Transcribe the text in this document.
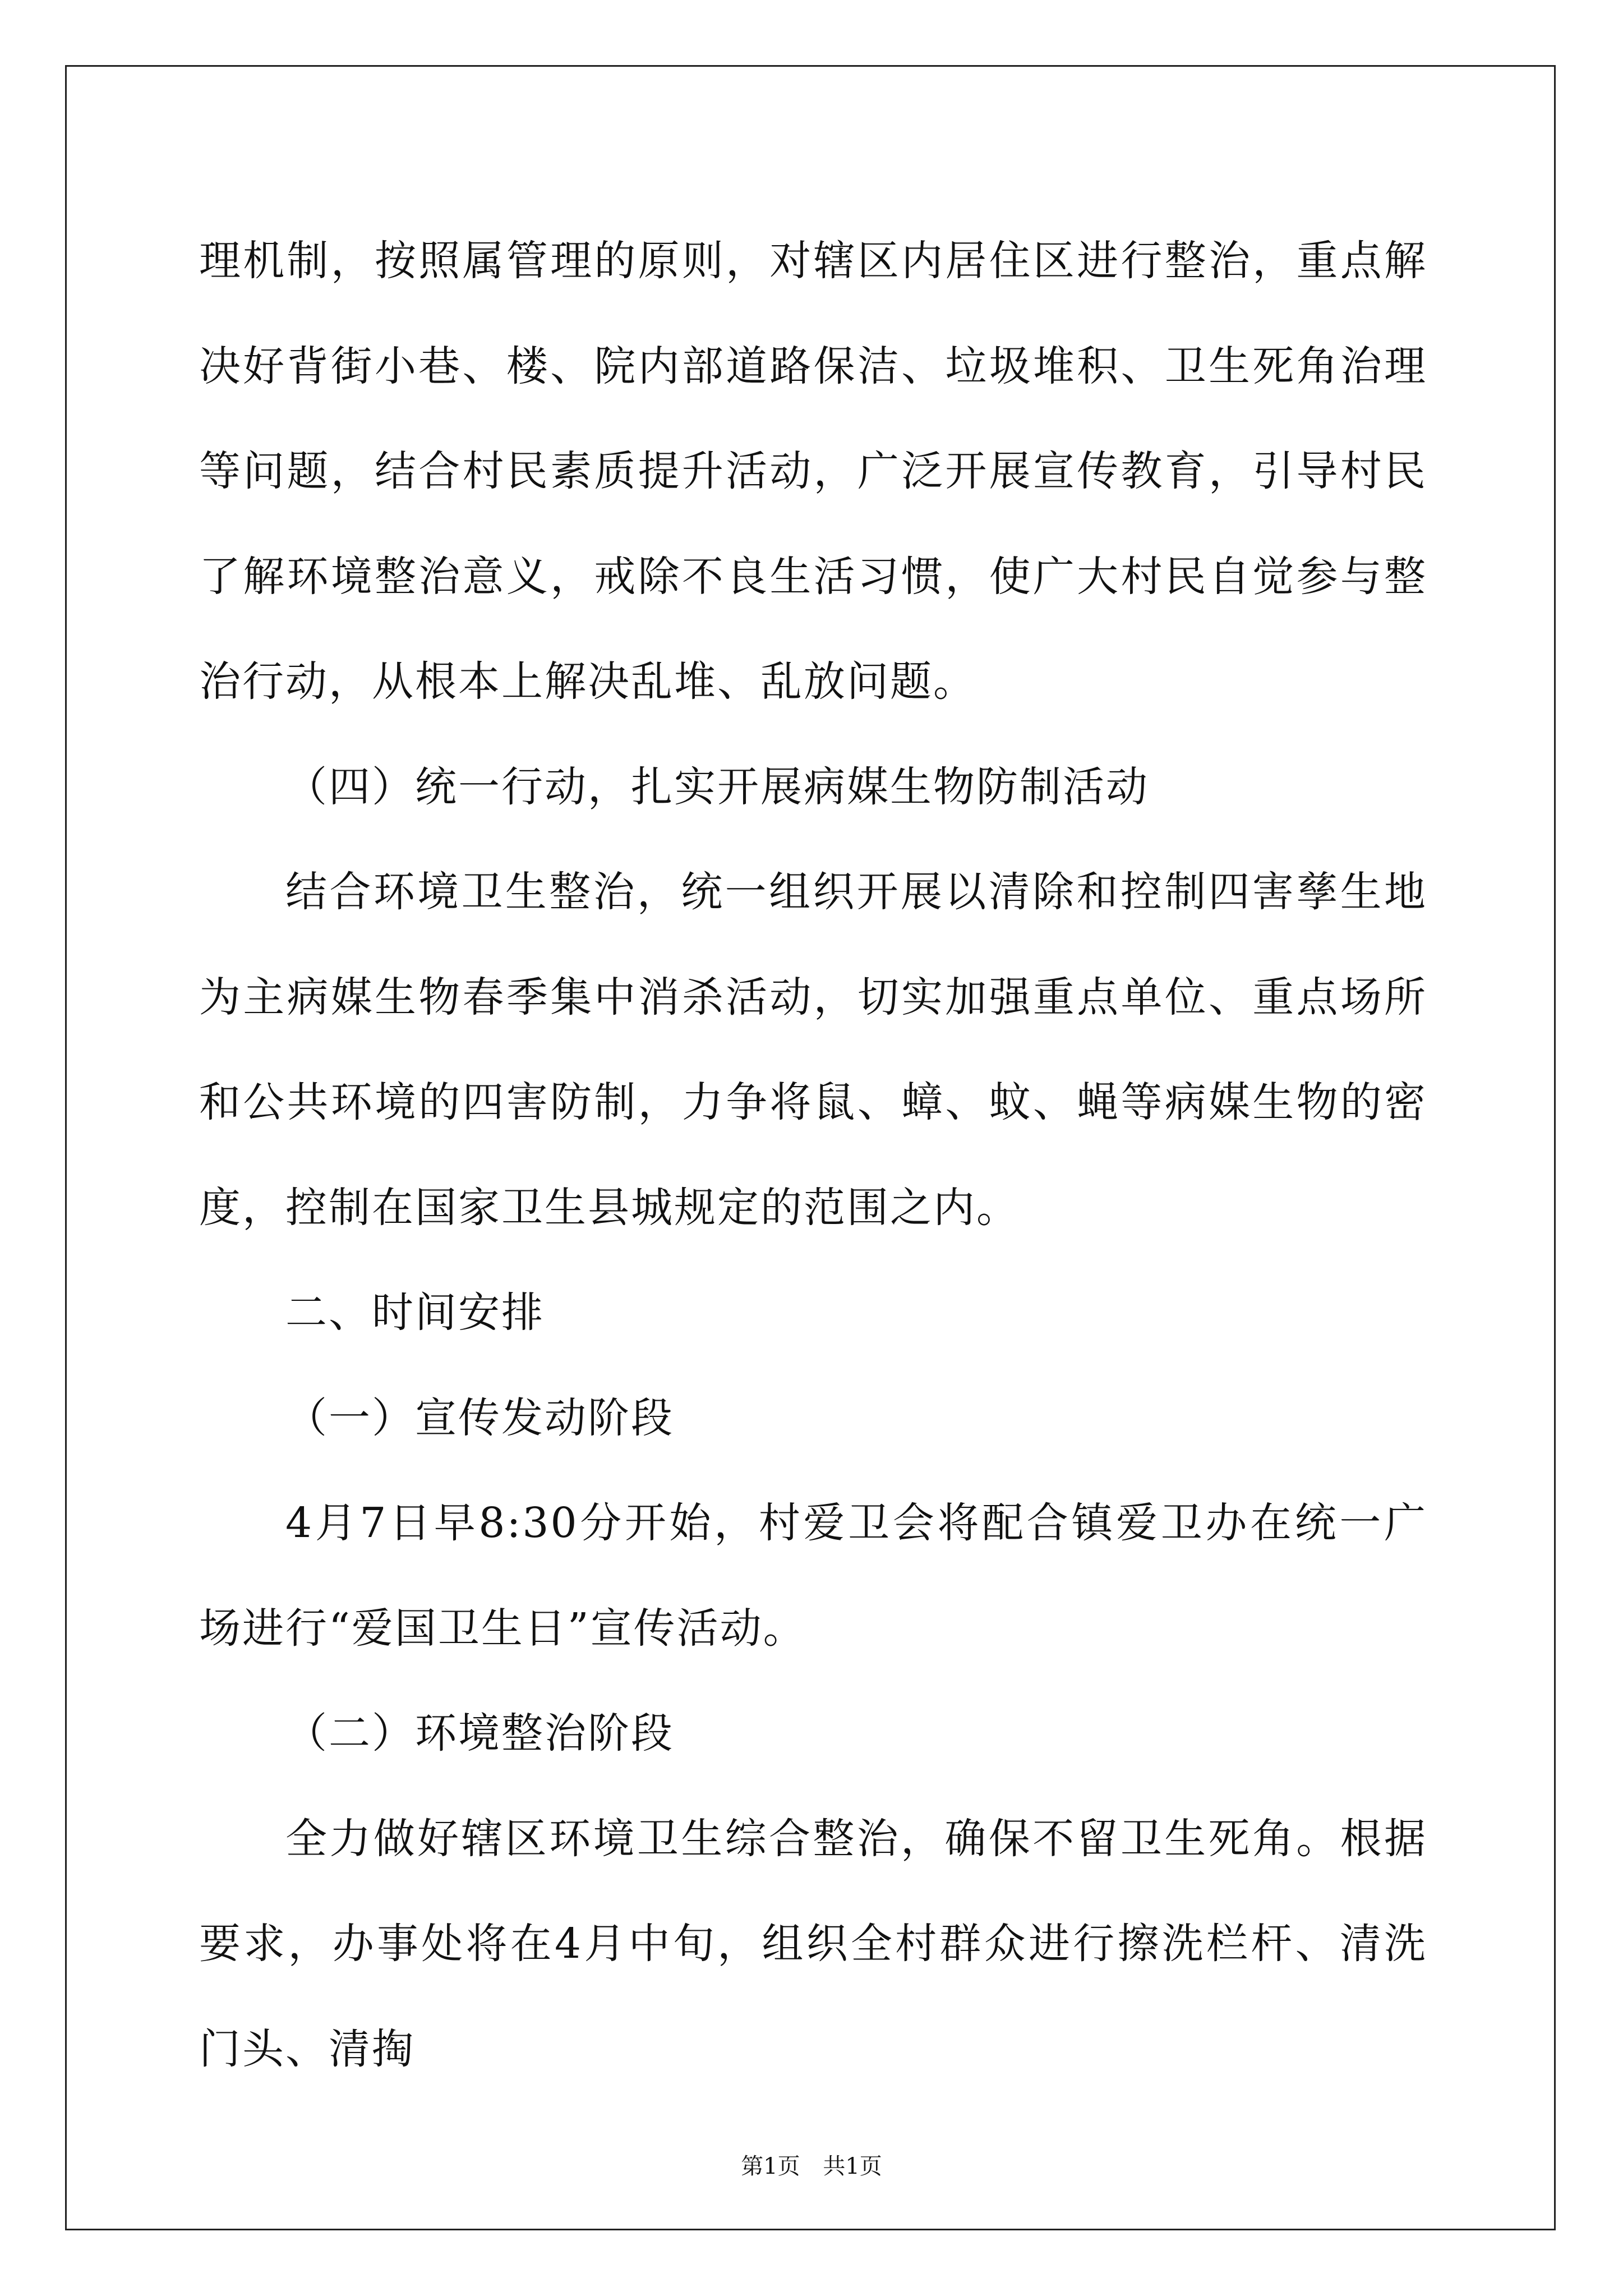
理机制，按照属管理的原则，对辖区内居住区进行整治，重点解决好背街小巷、楼、院内部道路保洁、垃圾堆积、卫生死角治理等问题，结合村民素质提升活动，广泛开展宣传教育，引导村民了解环境整治意义，戒除不良生活习惯，使广大村民自觉参与整治行动，从根本上解决乱堆、乱放问题。

（四）统一行动，扎实开展病媒生物防制活动

结合环境卫生整治，统一组织开展以清除和控制四害孳生地为主病媒生物春季集中消杀活动，切实加强重点单位、重点场所和公共环境的四害防制，力争将鼠、蟑、蚊、蝇等病媒生物的密度，控制在国家卫生县城规定的范围之内。

二、时间安排

（一）宣传发动阶段

4月7日早8:30分开始，村爱卫会将配合镇爱卫办在统一广场进行“爱国卫生日”宣传活动。

（二）环境整治阶段

全力做好辖区环境卫生综合整治，确保不留卫生死角。根据要求，办事处将在4月中旬，组织全村群众进行擦洗栏杆、清洗门头、清掏

第1页 共1页
